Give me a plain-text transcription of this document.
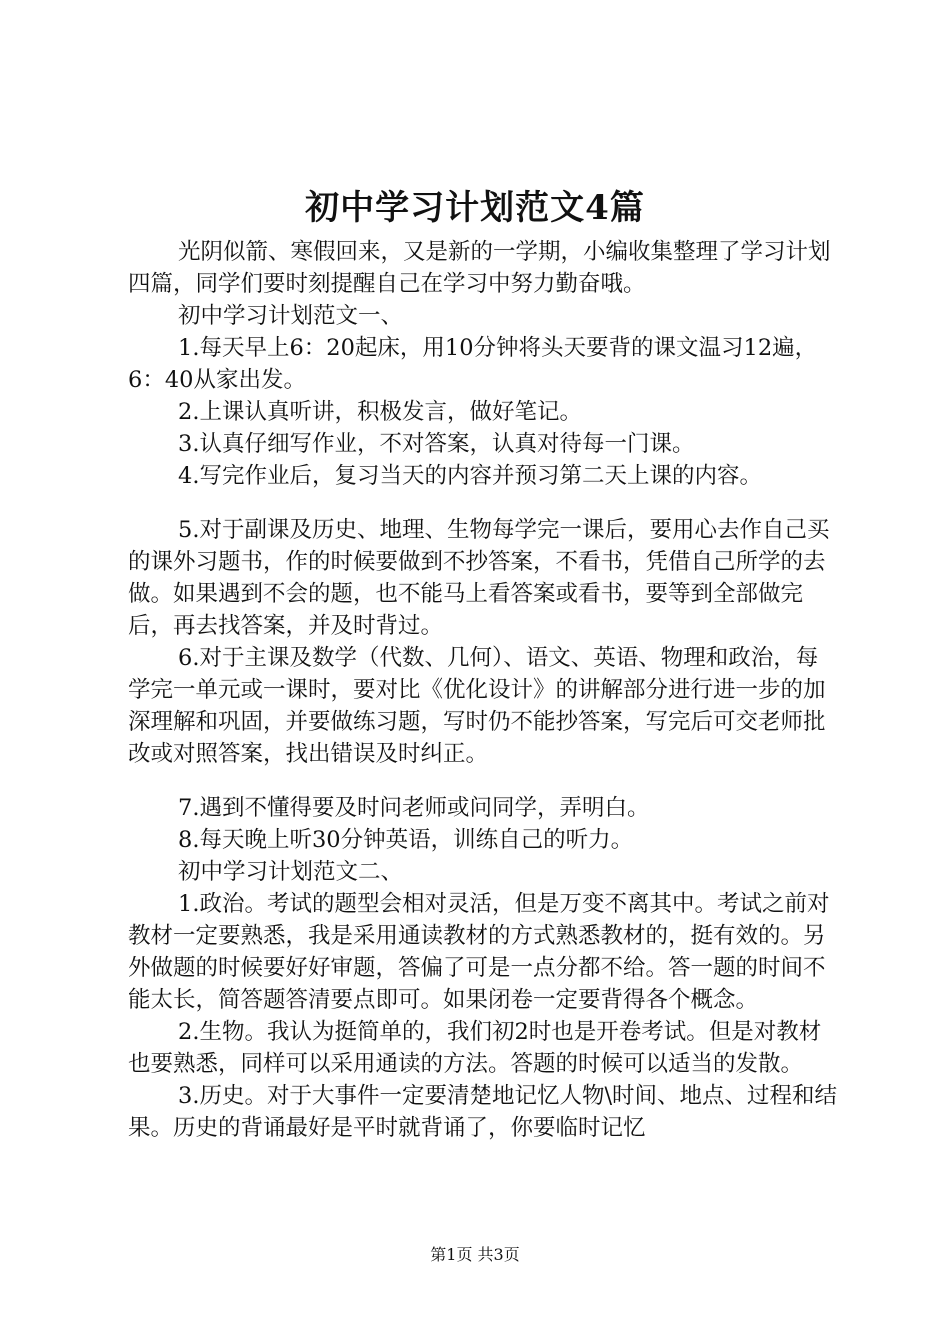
初中学习计划范文4篇

光阴似箭、寒假回来，又是新的一学期，小编收集整理了学习计划四篇，同学们要时刻提醒自己在学习中努力勤奋哦。

初中学习计划范文一、

1.每天早上6：20起床，用10分钟将头天要背的课文温习12遍，6：40从家出发。

2.上课认真听讲，积极发言，做好笔记。

3.认真仔细写作业，不对答案，认真对待每一门课。

4.写完作业后，复习当天的内容并预习第二天上课的内容。

5.对于副课及历史、地理、生物每学完一课后，要用心去作自己买的课外习题书，作的时候要做到不抄答案，不看书，凭借自己所学的去做。如果遇到不会的题，也不能马上看答案或看书，要等到全部做完后，再去找答案，并及时背过。

6.对于主课及数学（代数、几何）、语文、英语、物理和政治，每学完一单元或一课时，要对比《优化设计》的讲解部分进行进一步的加深理解和巩固，并要做练习题，写时仍不能抄答案，写完后可交老师批改或对照答案，找出错误及时纠正。

7.遇到不懂得要及时问老师或问同学，弄明白。

8.每天晚上听30分钟英语，训练自己的听力。

初中学习计划范文二、

1.政治。考试的题型会相对灵活，但是万变不离其中。考试之前对教材一定要熟悉，我是采用通读教材的方式熟悉教材的，挺有效的。另外做题的时候要好好审题，答偏了可是一点分都不给。答一题的时间不能太长，简答题答清要点即可。如果闭卷一定要背得各个概念。

2.生物。我认为挺简单的，我们初2时也是开卷考试。但是对教材也要熟悉，同样可以采用通读的方法。答题的时候可以适当的发散。

3.历史。对于大事件一定要清楚地记忆人物\时间、地点、过程和结果。历史的背诵最好是平时就背诵了，你要临时记忆

第1页 共3页
